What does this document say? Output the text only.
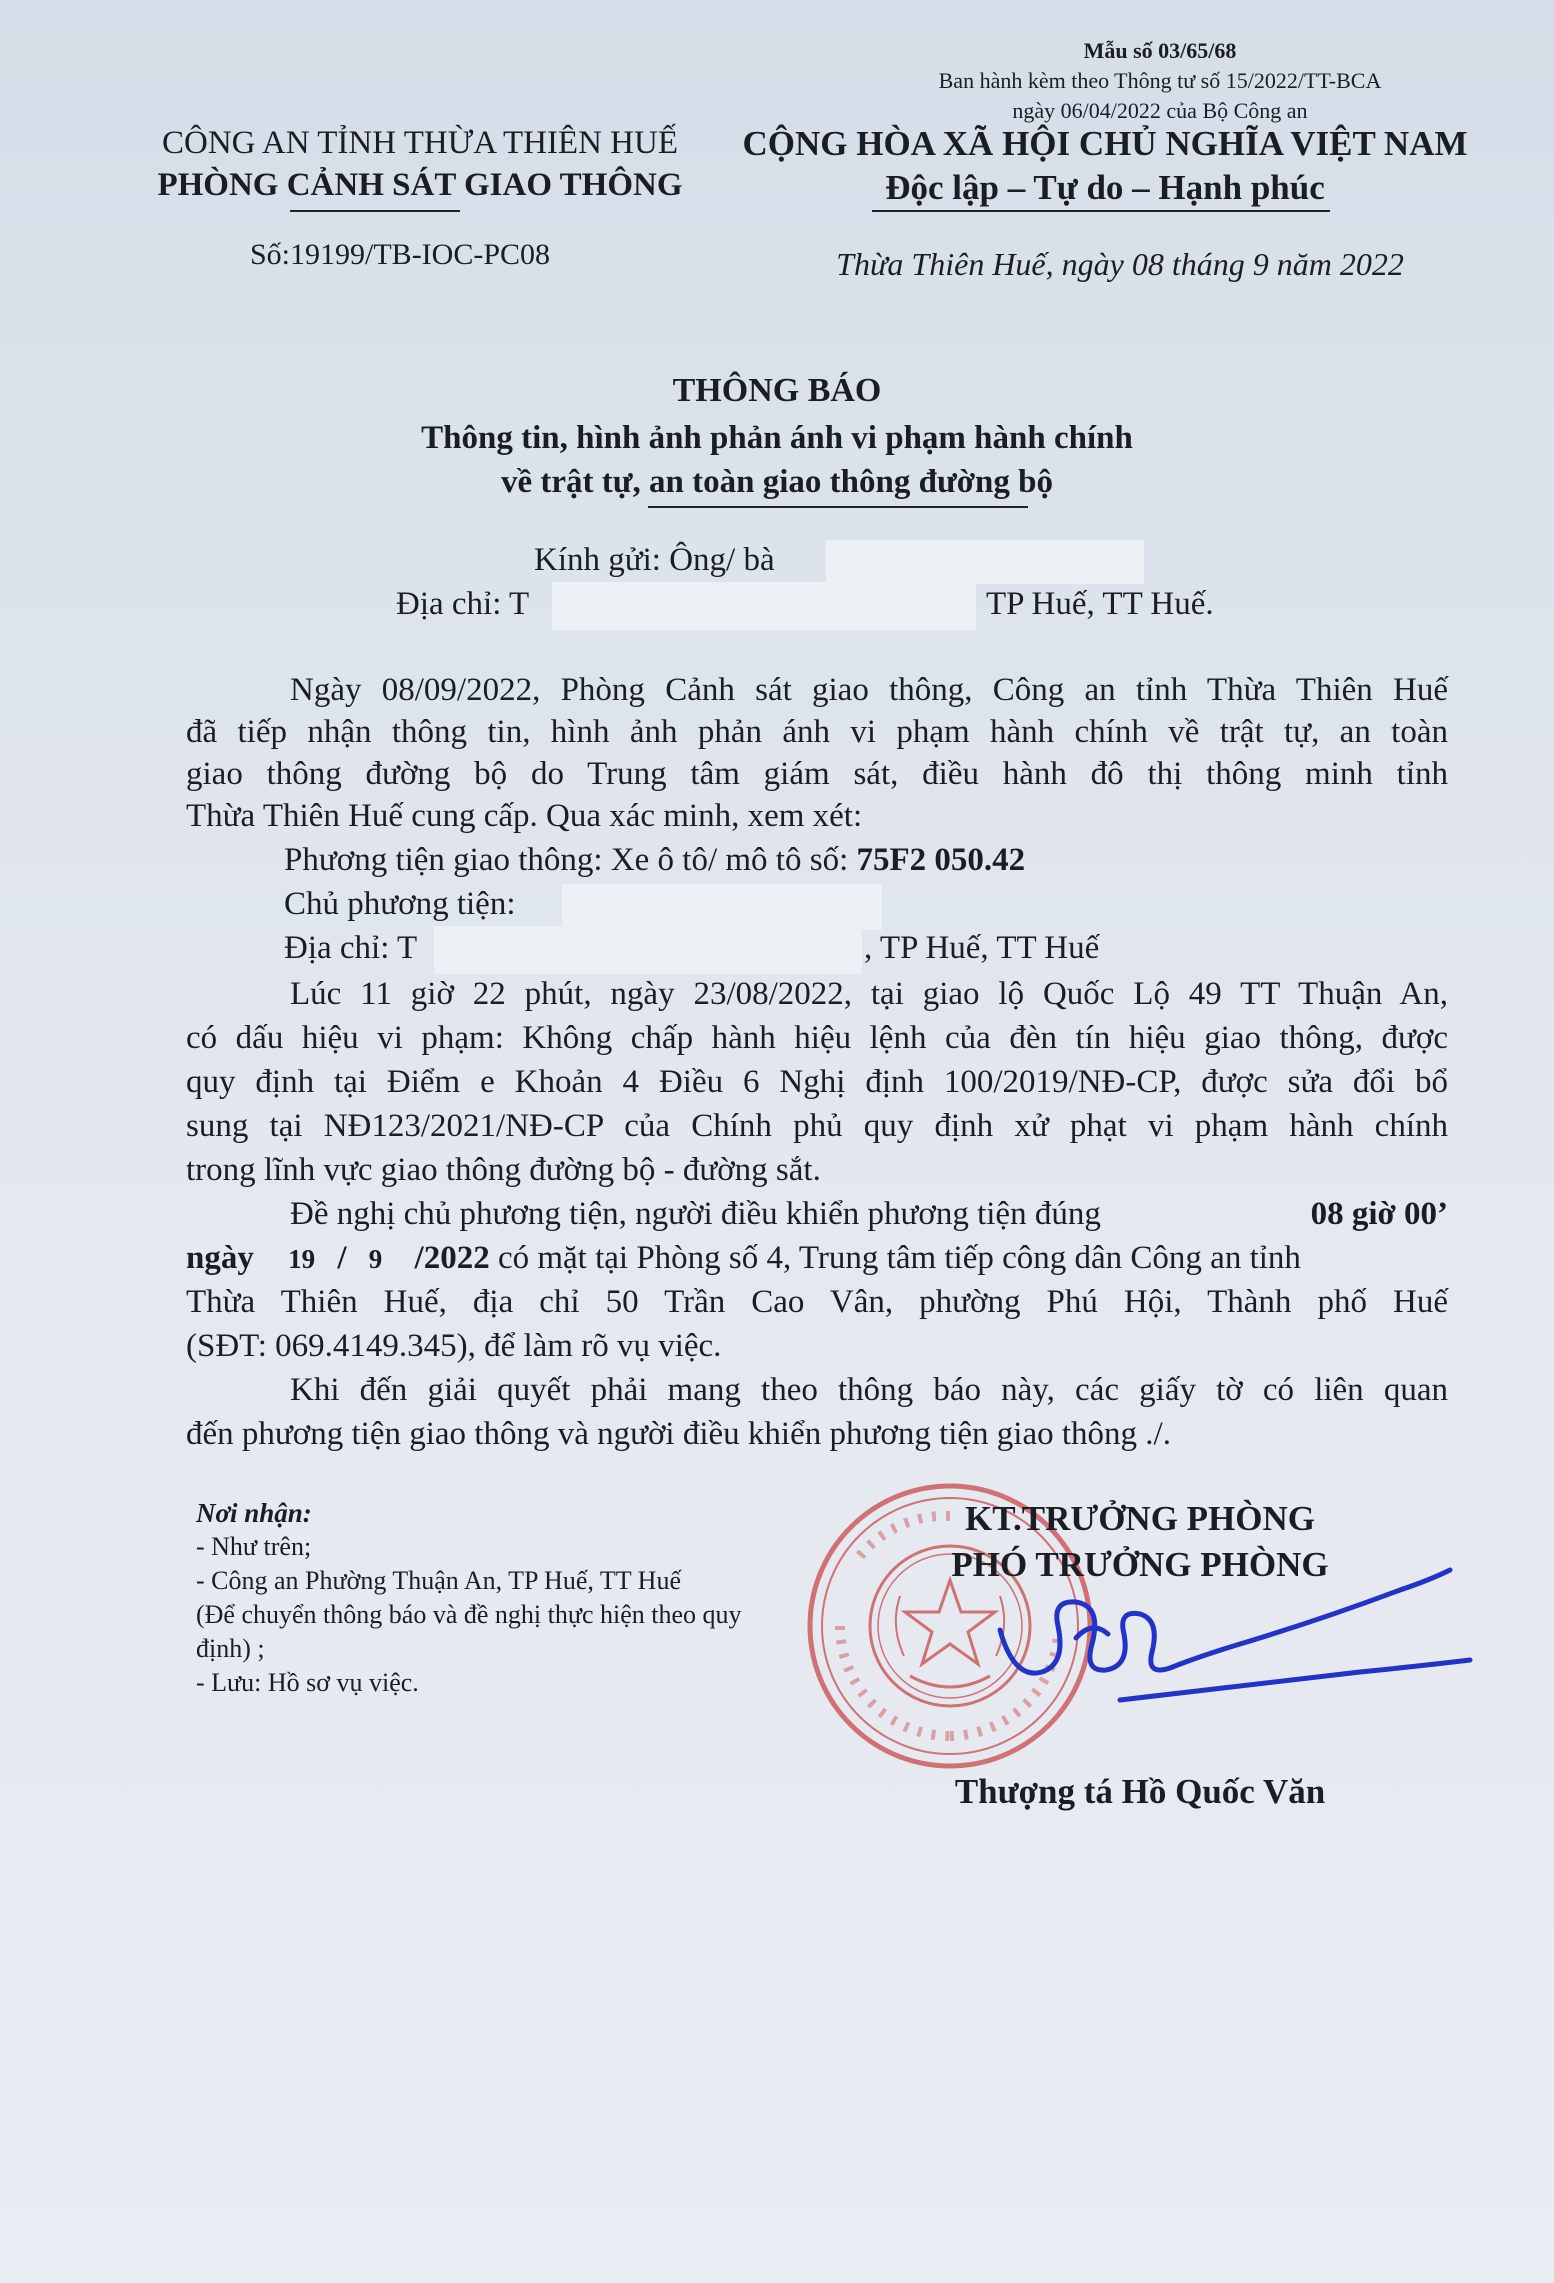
Mẫu số 03/65/68
Ban hành kèm theo Thông tư số 15/2022/TT-BCA
ngày 06/04/2022 của Bộ Công an
CÔNG AN TỈNH THỪA THIÊN HUẾ
PHÒNG CẢNH SÁT GIAO THÔNG
Số:19199/TB-IOC-PC08
CỘNG HÒA XÃ HỘI CHỦ NGHĨA VIỆT NAM
Độc lập – Tự do – Hạnh phúc
Thừa Thiên Huế, ngày 08 tháng 9 năm 2022
THÔNG BÁO
Thông tin, hình ảnh phản ánh vi phạm hành chính
về trật tự, an toàn giao thông đường bộ
Kính gửi: Ông/ bà
Địa chỉ: T	TP Huế, TT Huế.
Ngày 08/09/2022, Phòng Cảnh sát giao thông, Công an tỉnh Thừa Thiên Huế
đã tiếp nhận thông tin, hình ảnh phản ánh vi phạm hành chính về trật tự, an toàn
giao thông đường bộ do Trung tâm giám sát, điều hành đô thị thông minh tỉnh
Thừa Thiên Huế cung cấp. Qua xác minh, xem xét:
Phương tiện giao thông: Xe ô tô/ mô tô số: 75F2 050.42
Chủ phương tiện:
Địa chỉ: T	, TP Huế, TT Huế
Lúc 11 giờ 22 phút, ngày 23/08/2022, tại giao lộ Quốc Lộ 49 TT Thuận An,
có dấu hiệu vi phạm: Không chấp hành hiệu lệnh của đèn tín hiệu giao thông, được
quy định tại Điểm e Khoản 4 Điều 6 Nghị định 100/2019/NĐ-CP, được sửa đổi bổ
sung tại NĐ123/2021/NĐ-CP của Chính phủ quy định xử phạt vi phạm hành chính
trong lĩnh vực giao thông đường bộ - đường sắt.
Đề nghị chủ phương tiện, người điều khiển phương tiện đúng	08 giờ 00’
ngày 19 / 9 /2022 có mặt tại Phòng số 4, Trung tâm tiếp công dân Công an tỉnh
Thừa Thiên Huế, địa chỉ 50 Trần Cao Vân, phường Phú Hội, Thành phố Huế
(SĐT: 069.4149.345), để làm rõ vụ việc.
Khi đến giải quyết phải mang theo thông báo này, các giấy tờ có liên quan
đến phương tiện giao thông và người điều khiển phương tiện giao thông ./.
Nơi nhận:
- Như trên;
- Công an Phường Thuận An, TP Huế, TT Huế
(Để chuyển thông báo và đề nghị thực hiện theo quy định) ;
- Lưu: Hồ sơ vụ việc.
KT.TRƯỞNG PHÒNG
PHÓ TRƯỞNG PHÒNG
Thượng tá Hồ Quốc Văn
